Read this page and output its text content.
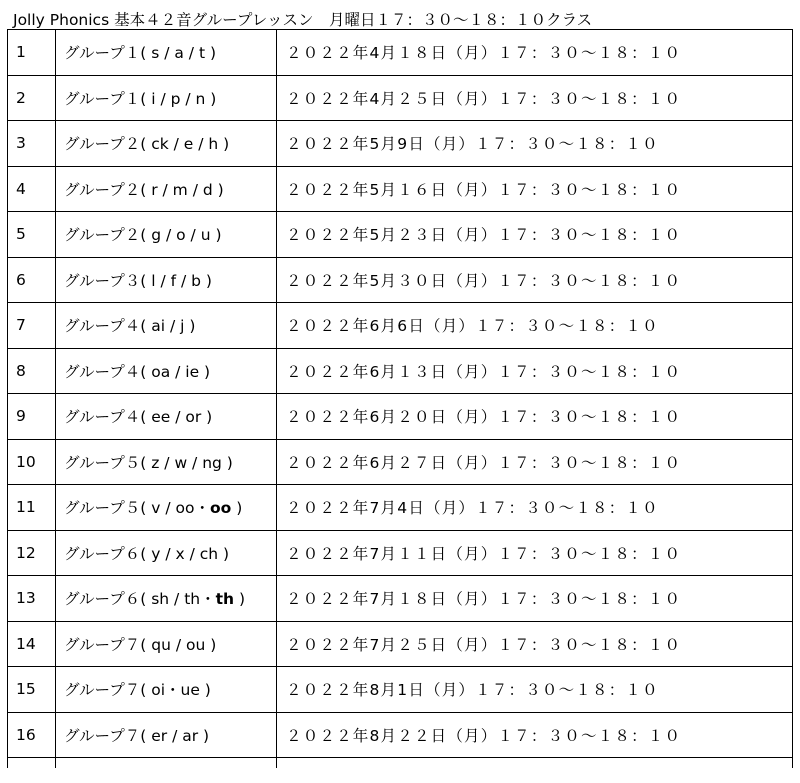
Jolly Phonics 基本４２音グループレッスン　月曜日１７：３０～１８：１０クラス
1	グループ１( s / a / t )	２０２２年4月１８日（月）１７：３０～１８：１０
2	グループ１( i / p / n )	２０２２年4月２５日（月）１７：３０～１８：１０
3	グループ２( ck / e / h )	２０２２年5月9日（月）１７：３０～１８：１０
4	グループ２( r / m / d )	２０２２年5月１６日（月）１７：３０～１８：１０
5	グループ２( g / o / u )	２０２２年5月２３日（月）１７：３０～１８：１０
6	グループ３( l / f / b )	２０２２年5月３０日（月）１７：３０～１８：１０
7	グループ４( ai / j )	２０２２年6月6日（月）１７：３０～１８：１０
8	グループ４( oa / ie )	２０２２年6月１３日（月）１７：３０～１８：１０
9	グループ４( ee / or )	２０２２年6月２０日（月）１７：３０～１８：１０
10	グループ５( z / w / ng )	２０２２年6月２７日（月）１７：３０～１８：１０
11	グループ５( v / oo・oo )	２０２２年7月4日（月）１７：３０～１８：１０
12	グループ６( y / x / ch )	２０２２年7月１１日（月）１７：３０～１８：１０
13	グループ６( sh / th・th )	２０２２年7月１８日（月）１７：３０～１８：１０
14	グループ７( qu / ou )	２０２２年7月２５日（月）１７：３０～１８：１０
15	グループ７( oi・ue )	２０２２年8月1日（月）１７：３０～１８：１０
16	グループ７( er / ar )	２０２２年8月２２日（月）１７：３０～１８：１０
